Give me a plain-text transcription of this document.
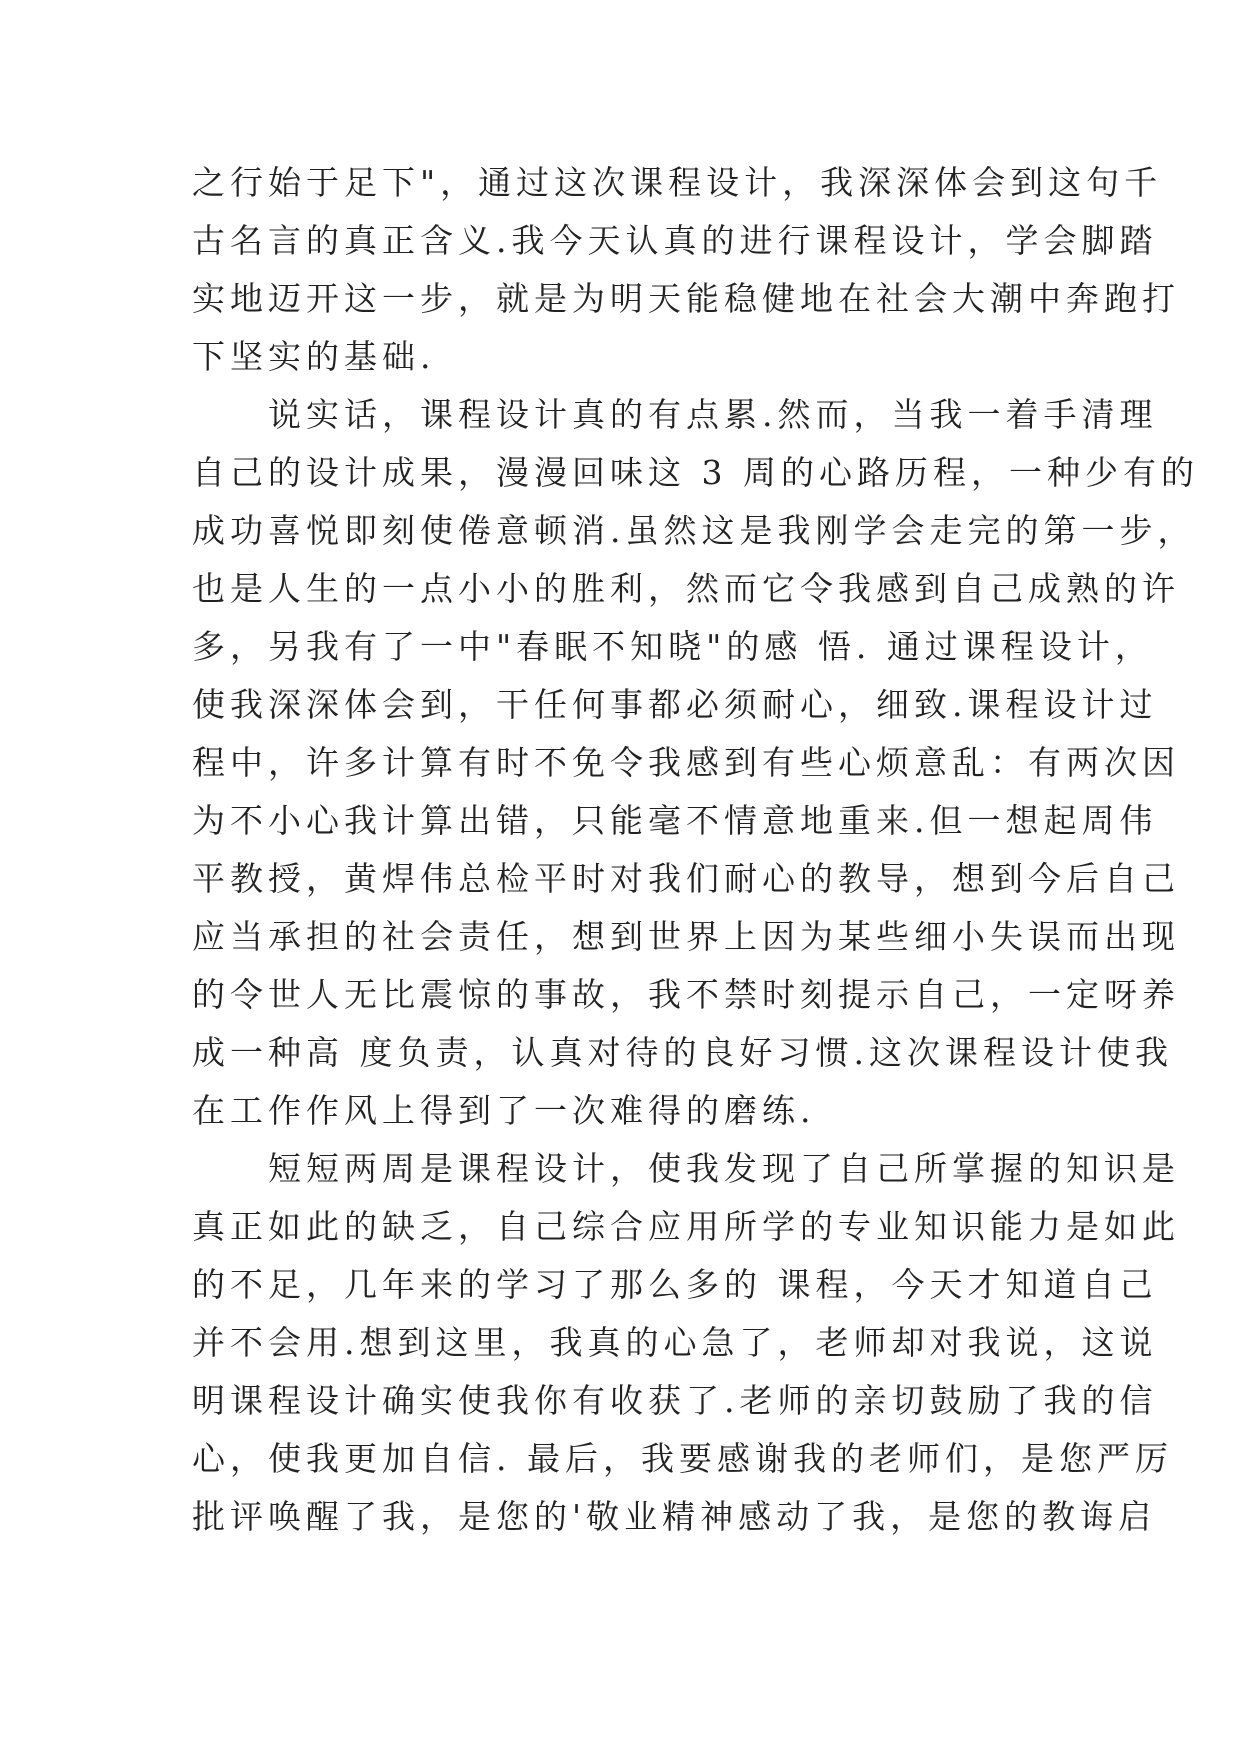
之行始于足下"，通过这次课程设计，我深深体会到这句千
古名言的真正含义.我今天认真的进行课程设计，学会脚踏
实地迈开这一步，就是为明天能稳健地在社会大潮中奔跑打
下坚实的基础.
　　说实话，课程设计真的有点累.然而，当我一着手清理
自己的设计成果，漫漫回味这 3 周的心路历程，一种少有的
成功喜悦即刻使倦意顿消.虽然这是我刚学会走完的第一步，
也是人生的一点小小的胜利，然而它令我感到自己成熟的许
多，另我有了一中"春眠不知晓"的感 悟. 通过课程设计，
使我深深体会到，干任何事都必须耐心，细致.课程设计过
程中，许多计算有时不免令我感到有些心烦意乱：有两次因
为不小心我计算出错，只能毫不情意地重来.但一想起周伟
平教授，黄焊伟总检平时对我们耐心的教导，想到今后自己
应当承担的社会责任，想到世界上因为某些细小失误而出现
的令世人无比震惊的事故，我不禁时刻提示自己，一定呀养
成一种高 度负责，认真对待的良好习惯.这次课程设计使我
在工作作风上得到了一次难得的磨练.
　　短短两周是课程设计，使我发现了自己所掌握的知识是
真正如此的缺乏，自己综合应用所学的专业知识能力是如此
的不足，几年来的学习了那么多的 课程，今天才知道自己
并不会用.想到这里，我真的心急了，老师却对我说，这说
明课程设计确实使我你有收获了.老师的亲切鼓励了我的信
心，使我更加自信. 最后，我要感谢我的老师们，是您严厉
批评唤醒了我，是您的'敬业精神感动了我，是您的教诲启
